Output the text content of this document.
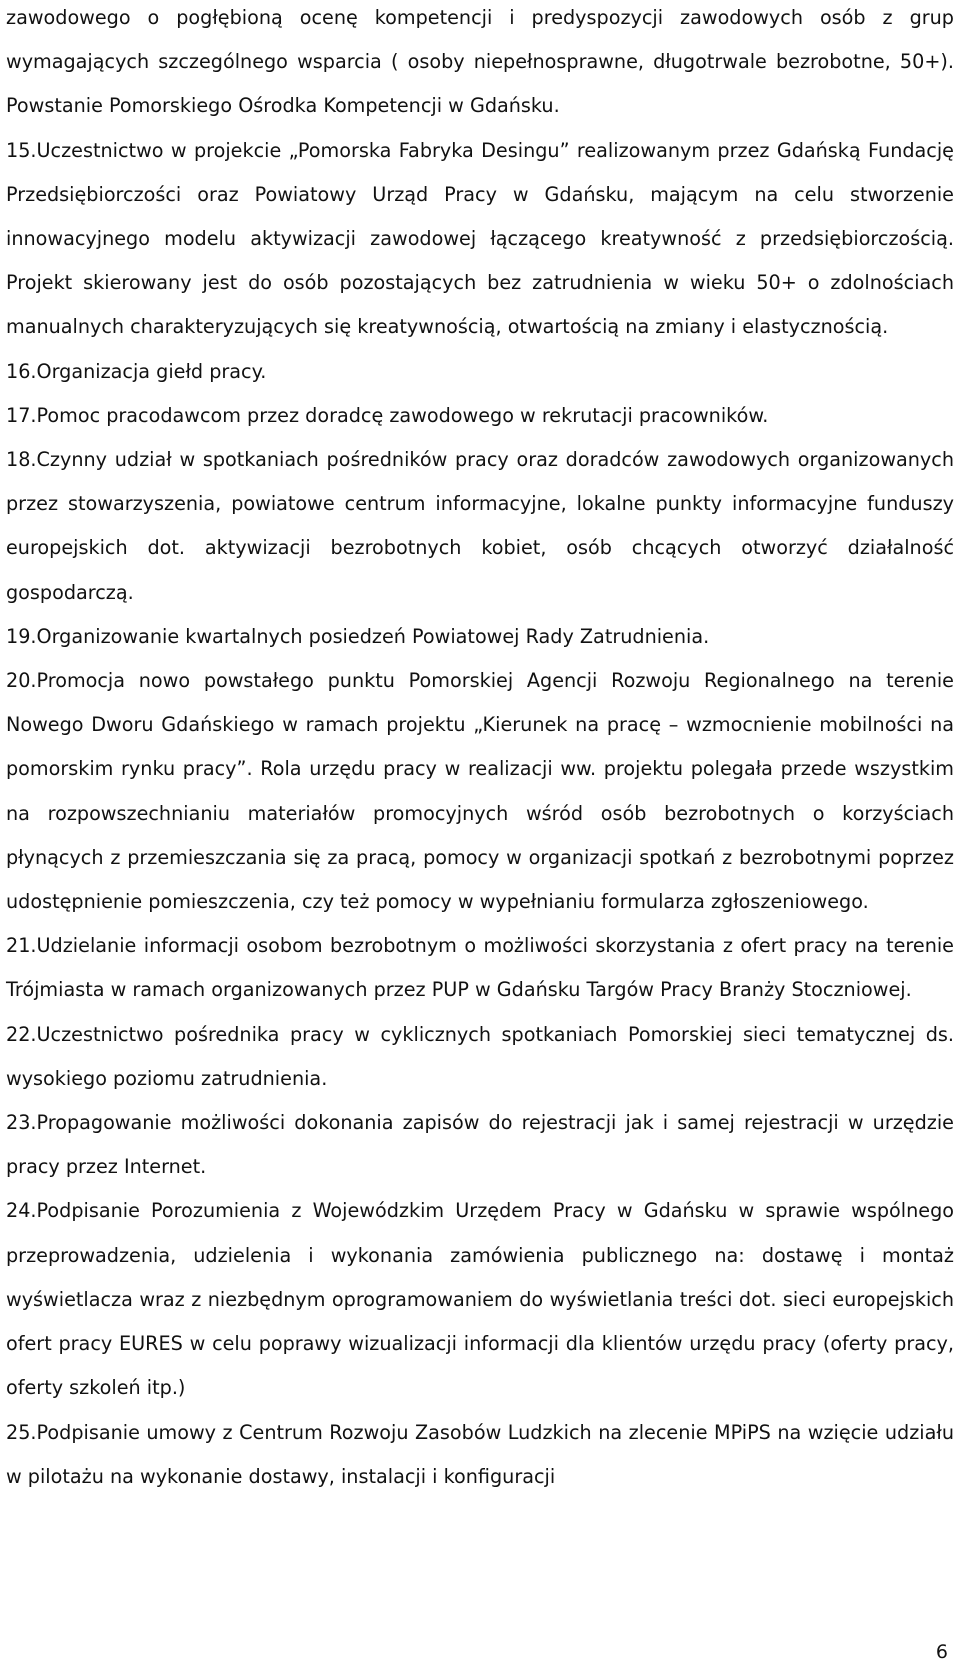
zawodowego o pogłębioną ocenę kompetencji i predyspozycji zawodowych osób z grup wymagających szczególnego wsparcia ( osoby niepełnosprawne, długotrwale bezrobotne, 50+). Powstanie Pomorskiego Ośrodka Kompetencji w Gdańsku.

15.Uczestnictwo w projekcie „Pomorska Fabryka Desingu” realizowanym przez Gdańską Fundację Przedsiębiorczości oraz Powiatowy Urząd Pracy w Gdańsku, mającym na celu stworzenie innowacyjnego modelu aktywizacji zawodowej łączącego kreatywność z przedsiębiorczością. Projekt skierowany jest do osób pozostających bez zatrudnienia w wieku 50+ o zdolnościach manualnych charakteryzujących się kreatywnością, otwartością na zmiany i elastycznością.

16.Organizacja giełd pracy.

17.Pomoc pracodawcom przez doradcę zawodowego w rekrutacji pracowników.

18.Czynny udział w spotkaniach pośredników pracy oraz doradców zawodowych organizowanych przez stowarzyszenia, powiatowe centrum informacyjne, lokalne punkty informacyjne funduszy europejskich dot. aktywizacji bezrobotnych kobiet, osób chcących otworzyć działalność gospodarczą.

19.Organizowanie kwartalnych posiedzeń Powiatowej Rady Zatrudnienia.

20.Promocja nowo powstałego punktu Pomorskiej Agencji Rozwoju Regionalnego na terenie Nowego Dworu Gdańskiego w ramach projektu „Kierunek na pracę – wzmocnienie mobilności na pomorskim rynku pracy”. Rola urzędu pracy w realizacji ww. projektu polegała przede wszystkim na rozpowszechnianiu materiałów promocyjnych wśród osób bezrobotnych o korzyściach płynących z przemieszczania się za pracą, pomocy w organizacji spotkań z bezrobotnymi poprzez udostępnienie pomieszczenia, czy też pomocy w wypełnianiu formularza zgłoszeniowego.

21.Udzielanie informacji osobom bezrobotnym o możliwości skorzystania z ofert pracy na terenie Trójmiasta w ramach organizowanych przez PUP w Gdańsku Targów Pracy Branży Stoczniowej.

22.Uczestnictwo pośrednika pracy w cyklicznych spotkaniach Pomorskiej sieci tematycznej ds. wysokiego poziomu zatrudnienia.

23.Propagowanie możliwości dokonania zapisów do rejestracji jak i samej rejestracji w urzędzie pracy przez Internet.

24.Podpisanie Porozumienia z Wojewódzkim Urzędem Pracy w Gdańsku w sprawie wspólnego przeprowadzenia, udzielenia i wykonania zamówienia publicznego na: dostawę i montaż wyświetlacza wraz z niezbędnym oprogramowaniem do wyświetlania treści dot. sieci europejskich ofert pracy EURES w celu poprawy wizualizacji informacji dla klientów urzędu pracy (oferty pracy, oferty szkoleń itp.)

25.Podpisanie umowy z Centrum Rozwoju Zasobów Ludzkich na zlecenie MPiPS na wzięcie udziału w pilotażu na wykonanie dostawy, instalacji i konfiguracji

6
